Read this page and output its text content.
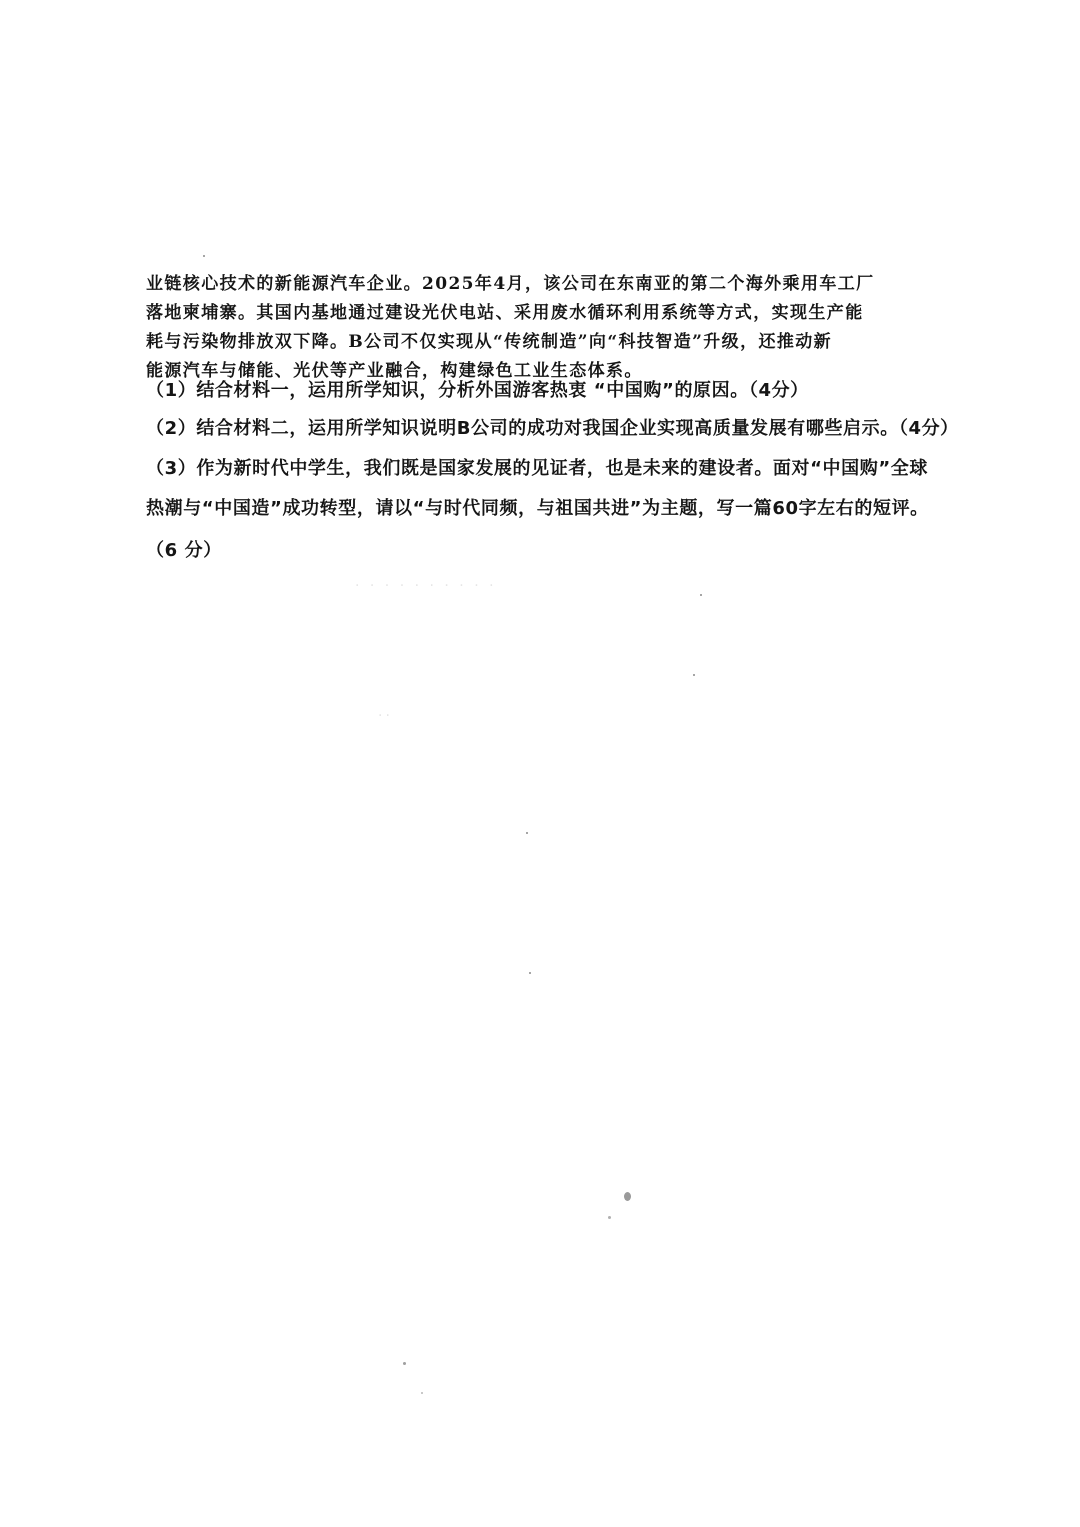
业链核心技术的新能源汽车企业。2025年4月，该公司在东南亚的第二个海外乘用车工厂
落地柬埔寨。其国内基地通过建设光伏电站、采用废水循环利用系统等方式，实现生产能
耗与污染物排放双下降。B公司不仅实现从“传统制造”向“科技智造”升级，还推动新
能源汽车与储能、光伏等产业融合，构建绿色工业生态体系。
（1）结合材料一，运用所学知识，分析外国游客热衷 “中国购”的原因。（4分）
（2）结合材料二，运用所学知识说明B公司的成功对我国企业实现高质量发展有哪些启示。（4分）
（3）作为新时代中学生，我们既是国家发展的见证者，也是未来的建设者。面对“中国购”全球
热潮与“中国造”成功转型，请以“与时代同频，与祖国共进”为主题，写一篇60字左右的短评。
（6 分）
· · · · · · · · · ·
··
